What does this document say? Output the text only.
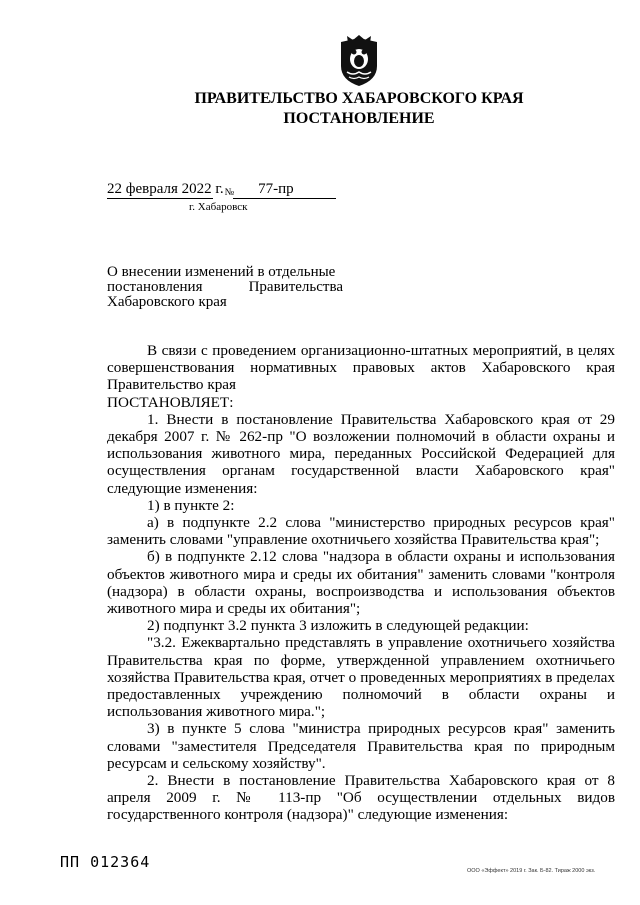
ПРАВИТЕЛЬСТВО ХАБАРОВСКОГО КРАЯ
ПОСТАНОВЛЕНИЕ
22 февраля 2022 г.№ 77-пр
г. Хабаровск
О внесении изменений в отдельные
постановления	Правительства
Хабаровского края

В связи с проведением организационно-штатных мероприятий, в целях совершенствования нормативных правовых актов Хабаровского края Правительство края

ПОСТАНОВЛЯЕТ:

1. Внести в постановление Правительства Хабаровского края от 29 декабря 2007 г. № 262-пр "О возложении полномочий в области охраны и использования животного мира, переданных Российской Федерацией для осуществления органам государственной власти Хабаровского края" следующие изменения:

1) в пункте 2:

а) в подпункте 2.2 слова "министерство природных ресурсов края" заменить словами "управление охотничьего хозяйства Правительства края";

б) в подпункте 2.12 слова "надзора в области охраны и использования объектов животного мира и среды их обитания" заменить словами "контроля (надзора) в области охраны, воспроизводства и использования объектов животного мира и среды их обитания";

2) подпункт 3.2 пункта 3 изложить в следующей редакции:

"3.2. Ежеквартально представлять в управление охотничьего хозяйства Правительства края по форме, утвержденной управлением охотничьего хозяйства Правительства края, отчет о проведенных мероприятиях в пределах предоставленных учреждению полномочий в области охраны и использования животного мира.";

3) в пункте 5 слова "министра природных ресурсов края" заменить словами "заместителя Председателя Правительства края по природным ресурсам и сельскому хозяйству".

2. Внести в постановление Правительства Хабаровского края от 8 апреля 2009 г. № 113-пр "Об осуществлении отдельных видов государственного контроля (надзора)" следующие изменения:

ПП 012364	ООО «Эффект» 2019 г. Зак. Б-82. Тираж 2000 экз.
